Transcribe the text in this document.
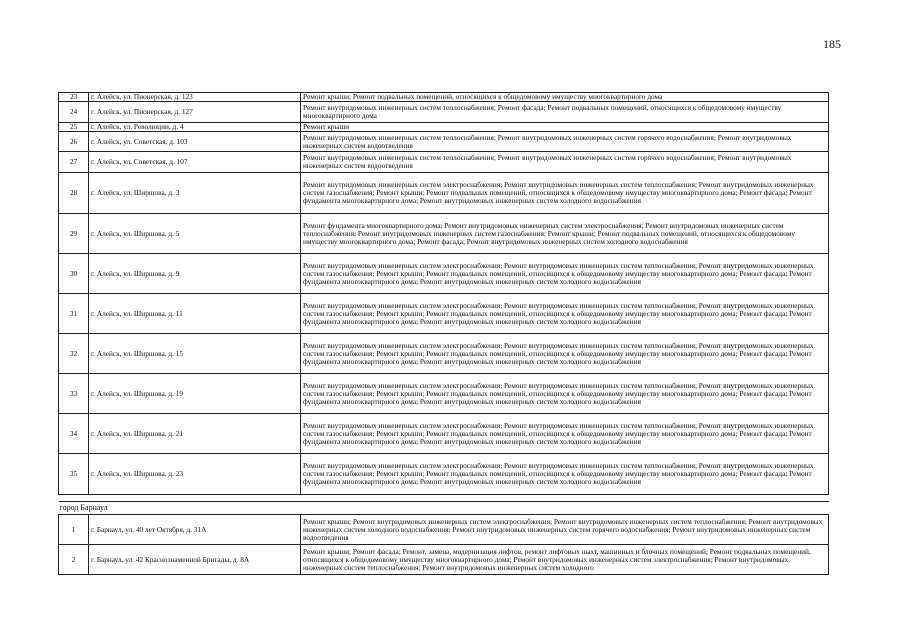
185
23	г. Алейск, ул. Пионерская, д. 123	Ремонт крыши; Ремонт подвальных помещений, относящихся к общедомовому имуществу многоквартирного дома
24	г. Алейск, ул. Пионерская, д. 127	Ремонт внутридомовых инженерных систем теплоснабжения; Ремонт фасада; Ремонт подвальных помещений, относящихся к общедомовому имуществу многоквартирного дома
25	г. Алейск, ул. Революции, д. 4	Ремонт крыши
26	г. Алейск, ул. Советская, д. 103	Ремонт внутридомовых инженерных систем теплоснабжения; Ремонт внутридомовых инженерных систем горячего водоснабжения; Ремонт внутридомовых инженерных систем водоотведения
27	г. Алейск, ул. Советская, д. 107	Ремонт внутридомовых инженерных систем теплоснабжения; Ремонт внутридомовых инженерных систем горячего водоснабжения; Ремонт внутридомовых инженерных систем водоотведения
28	г. Алейск, ул. Ширшова, д. 3	Ремонт внутридомовых инженерных систем электроснабжения; Ремонт внутридомовых инженерных систем теплоснабжения; Ремонт внутридомовых инженерных систем газоснабжения; Ремонт крыши; Ремонт подвальных помещений, относящихся к общедомовому имуществу многоквартирного дома; Ремонт фасада; Ремонт фундамента многоквартирного дома; Ремонт внутридомовых инженерных систем холодного водоснабжения
29	г. Алейск, ул. Ширшова, д. 5	Ремонт фундамента многоквартирного дома; Ремонт внутридомовых инженерных систем электроснабжения; Ремонт внутридомовых инженерных систем теплоснабжения; Ремонт внутридомовых инженерных систем газоснабжения; Ремонт крыши; Ремонт подвальных помещений, относящихся к общедомовому имуществу многоквартирного дома; Ремонт фасада; Ремонт внутридомовых инженерных систем холодного водоснабжения
30	г. Алейск, ул. Ширшова, д. 9	Ремонт внутридомовых инженерных систем электроснабжения; Ремонт внутридомовых инженерных систем теплоснабжения; Ремонт внутридомовых инженерных систем газоснабжения; Ремонт крыши; Ремонт подвальных помещений, относящихся к общедомовому имуществу многоквартирного дома; Ремонт фасада; Ремонт фундамента многоквартирного дома; Ремонт внутридомовых инженерных систем холодного водоснабжения
31	г. Алейск, ул. Ширшова, д. 11	Ремонт внутридомовых инженерных систем электроснабжения; Ремонт внутридомовых инженерных систем теплоснабжения; Ремонт внутридомовых инженерных систем газоснабжения; Ремонт крыши; Ремонт подвальных помещений, относящихся к общедомовому имуществу многоквартирного дома; Ремонт фасада; Ремонт фундамента многоквартирного дома; Ремонт внутридомовых инженерных систем холодного водоснабжения
32	г. Алейск, ул. Ширшова, д. 15	Ремонт внутридомовых инженерных систем электроснабжения; Ремонт внутридомовых инженерных систем теплоснабжения; Ремонт внутридомовых инженерных систем газоснабжения; Ремонт крыши; Ремонт подвальных помещений, относящихся к общедомовому имуществу многоквартирного дома; Ремонт фасада; Ремонт фундамента многоквартирного дома; Ремонт внутридомовых инженерных систем холодного водоснабжения
33	г. Алейск, ул. Ширшова, д. 19	Ремонт внутридомовых инженерных систем электроснабжения; Ремонт внутридомовых инженерных систем теплоснабжения; Ремонт внутридомовых инженерных систем газоснабжения; Ремонт крыши; Ремонт подвальных помещений, относящихся к общедомовому имуществу многоквартирного дома; Ремонт фасада; Ремонт фундамента многоквартирного дома; Ремонт внутридомовых инженерных систем холодного водоснабжения
34	г. Алейск, ул. Ширшова, д. 21	Ремонт внутридомовых инженерных систем электроснабжения; Ремонт внутридомовых инженерных систем теплоснабжения; Ремонт внутридомовых инженерных систем газоснабжения; Ремонт крыши; Ремонт подвальных помещений, относящихся к общедомовому имуществу многоквартирного дома; Ремонт фасада; Ремонт фундамента многоквартирного дома; Ремонт внутридомовых инженерных систем холодного водоснабжения
35	г. Алейск, ул. Ширшова, д. 23	Ремонт внутридомовых инженерных систем электроснабжения; Ремонт внутридомовых инженерных систем теплоснабжения; Ремонт внутридомовых инженерных систем газоснабжения; Ремонт крыши; Ремонт подвальных помещений, относящихся к общедомовому имуществу многоквартирного дома; Ремонт фасада; Ремонт фундамента многоквартирного дома; Ремонт внутридомовых инженерных систем холодного водоснабжения

город Барнаул		
1	г. Барнаул, ул. 40 лет Октября, д. 31А	Ремонт крыши; Ремонт внутридомовых инженерных систем электроснабжения; Ремонт внутридомовых инженерных систем теплоснабжения; Ремонт внутридомовых инженерных систем холодного водоснабжения; Ремонт внутридомовых инженерных систем горячего водоснабжения; Ремонт внутридомовых инженерных систем водоотведения
2	г. Барнаул, ул. 42 Краснознаменной Бригады, д. 8А	Ремонт крыши; Ремонт фасада; Ремонт, замена, модернизация лифтов, ремонт лифтовых шахт, машинных и блочных помещений; Ремонт подвальных помещений, относящихся к общедомовому имуществу многоквартирного дома; Ремонт внутридомовых инженерных систем электроснабжения; Ремонт внутридомовых инженерных систем теплоснабжения; Ремонт внутридомовых инженерных систем холодного
